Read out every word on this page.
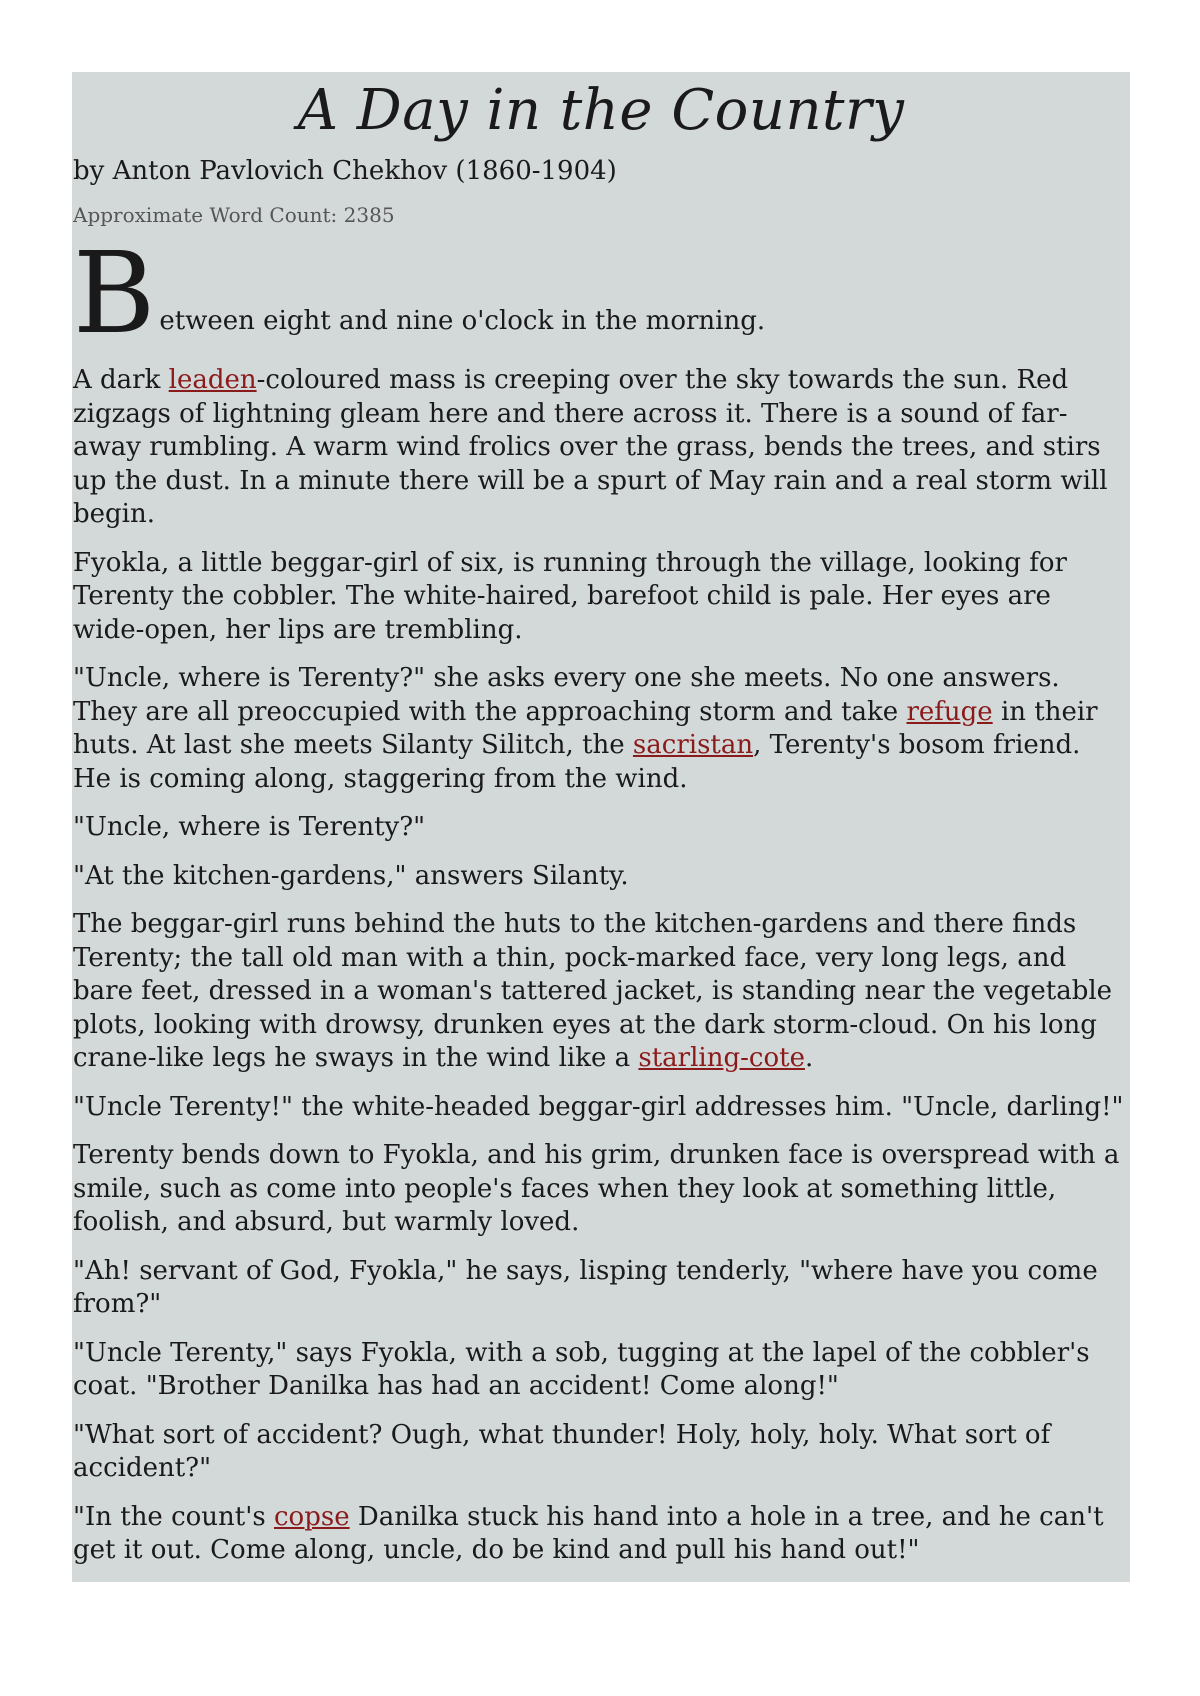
A Day in the Country
by Anton Pavlovich Chekhov (1860-1904)
Approximate Word Count: 2385
B etween eight and nine o'clock in the morning.

A dark leaden-coloured mass is creeping over the sky towards the sun. Red zigzags of lightning gleam here and there across it. There is a sound of far-away rumbling. A warm wind frolics over the grass, bends the trees, and stirs up the dust. In a minute there will be a spurt of May rain and a real storm will begin.

Fyokla, a little beggar-girl of six, is running through the village, looking for Terenty the cobbler. The white-haired, barefoot child is pale. Her eyes are wide-open, her lips are trembling.

"Uncle, where is Terenty?" she asks every one she meets. No one answers. They are all preoccupied with the approaching storm and take refuge in their huts. At last she meets Silanty Silitch, the sacristan, Terenty's bosom friend. He is coming along, staggering from the wind.

"Uncle, where is Terenty?"

"At the kitchen-gardens," answers Silanty.

The beggar-girl runs behind the huts to the kitchen-gardens and there finds Terenty; the tall old man with a thin, pock-marked face, very long legs, and bare feet, dressed in a woman's tattered jacket, is standing near the vegetable plots, looking with drowsy, drunken eyes at the dark storm-cloud. On his long crane-like legs he sways in the wind like a starling-cote.

"Uncle Terenty!" the white-headed beggar-girl addresses him. "Uncle, darling!"

Terenty bends down to Fyokla, and his grim, drunken face is overspread with a smile, such as come into people's faces when they look at something little, foolish, and absurd, but warmly loved.

"Ah! servant of God, Fyokla," he says, lisping tenderly, "where have you come from?"

"Uncle Terenty," says Fyokla, with a sob, tugging at the lapel of the cobbler's coat. "Brother Danilka has had an accident! Come along!"

"What sort of accident? Ough, what thunder! Holy, holy, holy. What sort of accident?"

"In the count's copse Danilka stuck his hand into a hole in a tree, and he can't get it out. Come along, uncle, do be kind and pull his hand out!"
